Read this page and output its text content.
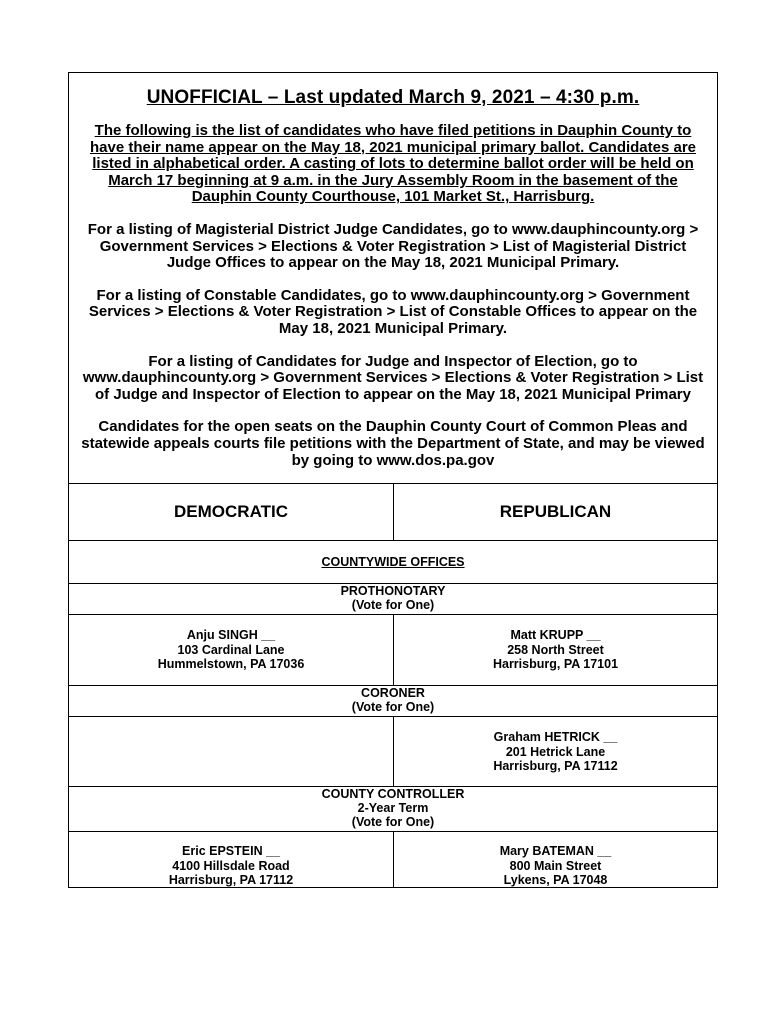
UNOFFICIAL – Last updated March 9, 2021 – 4:30 p.m.
The following is the list of candidates who have filed petitions in Dauphin County to have their name appear on the May 18, 2021 municipal primary ballot. Candidates are listed in alphabetical order. A casting of lots to determine ballot order will be held on March 17 beginning at 9 a.m. in the Jury Assembly Room in the basement of the Dauphin County Courthouse, 101 Market St., Harrisburg.
For a listing of Magisterial District Judge Candidates, go to www.dauphincounty.org > Government Services > Elections & Voter Registration > List of Magisterial District Judge Offices to appear on the May 18, 2021 Municipal Primary.
For a listing of Constable Candidates, go to www.dauphincounty.org > Government Services > Elections & Voter Registration > List of Constable Offices to appear on the May 18, 2021 Municipal Primary.
For a listing of Candidates for Judge and Inspector of Election, go to www.dauphincounty.org > Government Services > Elections & Voter Registration > List of Judge and Inspector of Election to appear on the May 18, 2021 Municipal Primary
Candidates for the open seats on the Dauphin County Court of Common Pleas and statewide appeals courts file petitions with the Department of State, and may be viewed by going to www.dos.pa.gov
DEMOCRATIC	REPUBLICAN
COUNTYWIDE OFFICES
PROTHONOTARY
(Vote for One)
Anju SINGH __
103 Cardinal Lane
Hummelstown, PA 17036
Matt KRUPP __
258 North Street
Harrisburg, PA 17101
CORONER
(Vote for One)
Graham HETRICK __
201 Hetrick Lane
Harrisburg, PA 17112
COUNTY CONTROLLER
2-Year Term
(Vote for One)
Eric EPSTEIN __
4100 Hillsdale Road
Harrisburg, PA 17112
Mary BATEMAN __
800 Main Street
Lykens, PA 17048
